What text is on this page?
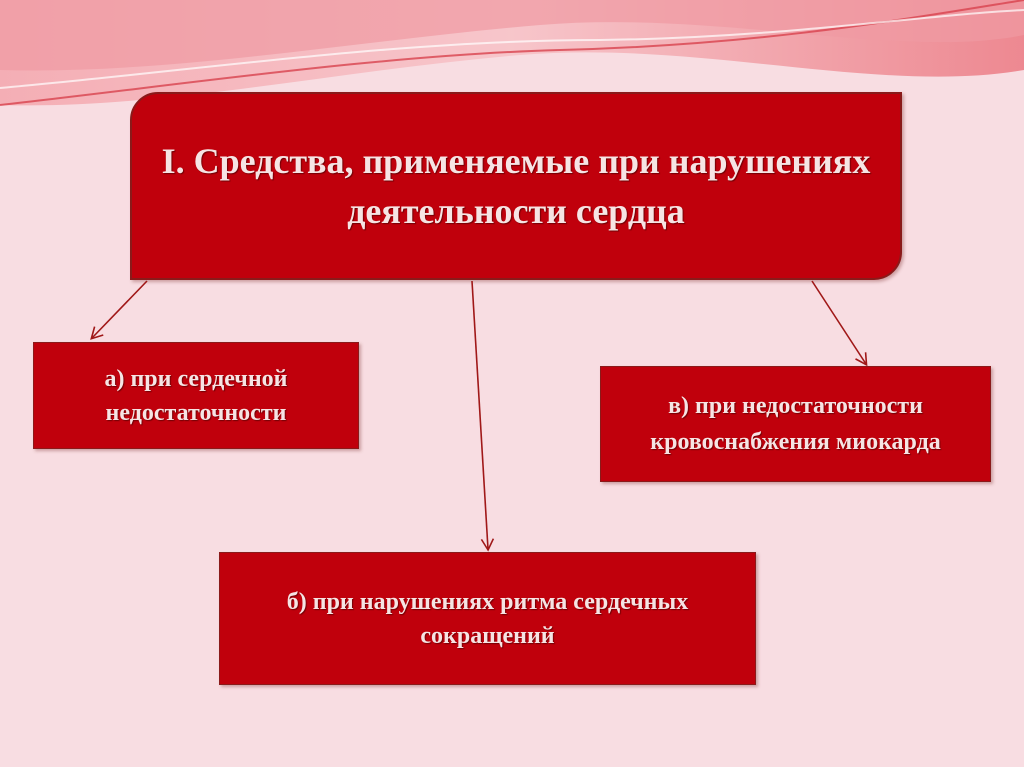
I. Средства, применяемые при нарушениях деятельности сердца
а) при сердечной недостаточности	в) при недостаточности кровоснабжения миокарда
б) при нарушениях ритма сердечных сокращений
